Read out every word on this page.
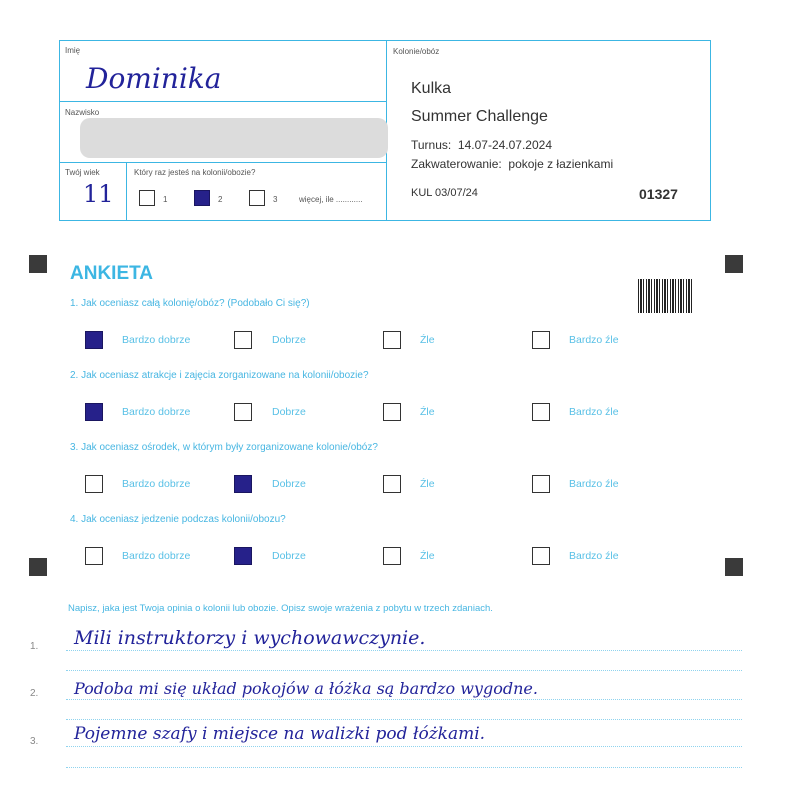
Imię
Dominika
Nazwisko
Twój wiek
11
Który raz jesteś na kolonii/obozie?
1	2	3	więcej, ile ............
Kolonie/obóz
Kulka
Summer Challenge
Turnus: 14.07-24.07.2024
Zakwaterowanie: pokoje z łazienkami
KUL 03/07/24	01327
ANKIETA
1. Jak oceniasz całą kolonię/obóz? (Podobało Ci się?)
Bardzo dobrze	Dobrze	Źle	Bardzo źle
2. Jak oceniasz atrakcje i zajęcia zorganizowane na kolonii/obozie?
Bardzo dobrze	Dobrze	Źle	Bardzo źle
3. Jak oceniasz ośrodek, w którym były zorganizowane kolonie/obóz?
Bardzo dobrze	Dobrze	Źle	Bardzo źle
4. Jak oceniasz jedzenie podczas kolonii/obozu?
Bardzo dobrze	Dobrze	Źle	Bardzo źle
Napisz, jaka jest Twoja opinia o kolonii lub obozie. Opisz swoje wrażenia z pobytu w trzech zdaniach.
1. Mili instruktorzy i wychowawczynie.
2. Podoba mi się układ pokojów a łóżka są bardzo wygodne.
3. Pojemne szafy i miejsce na walizki pod łóżkami.
